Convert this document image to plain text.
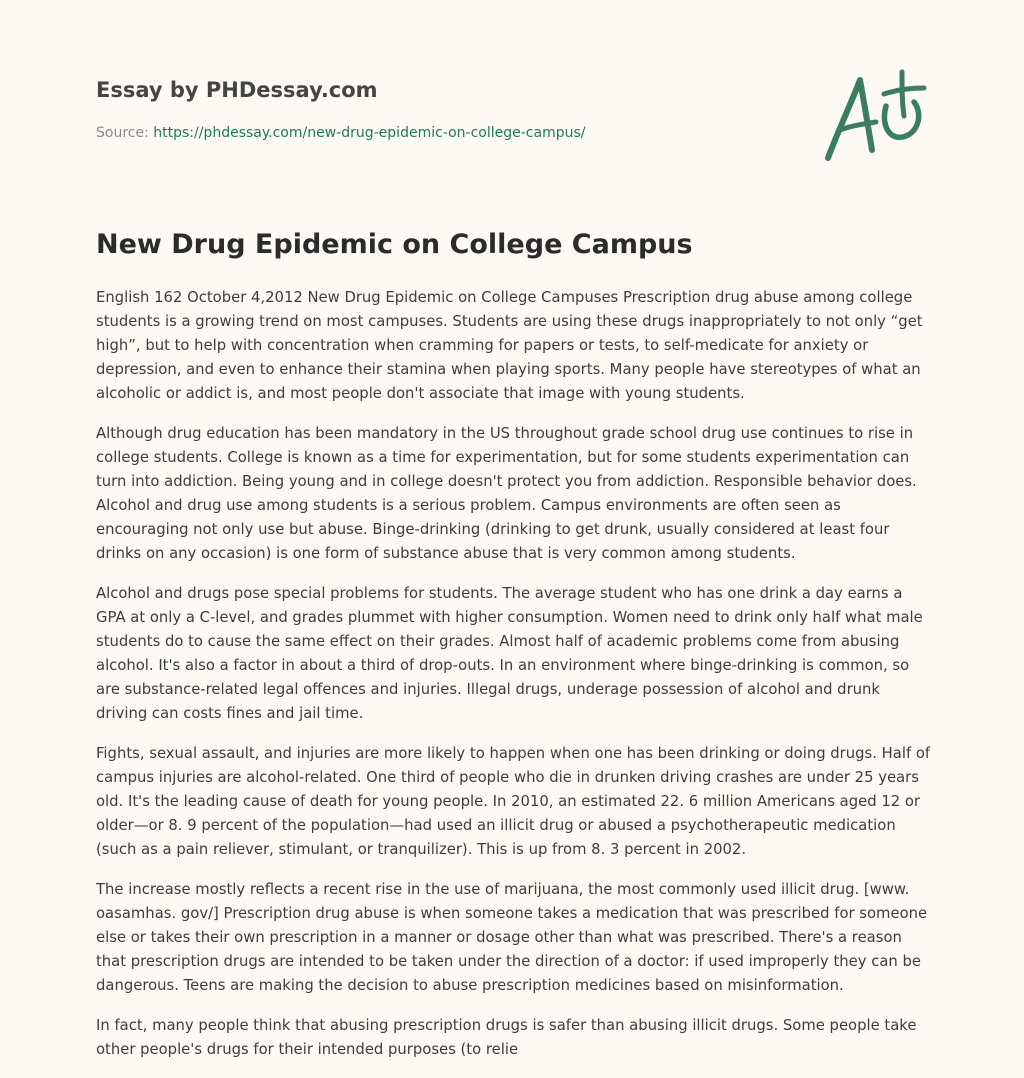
Essay by PHDessay.com
Source: https://phdessay.com/new-drug-epidemic-on-college-campus/
New Drug Epidemic on College Campus

English 162 October 4,2012 New Drug Epidemic on College Campuses Prescription drug abuse among college students is a growing trend on most campuses. Students are using these drugs inappropriately to not only “get high”, but to help with concentration when cramming for papers or tests, to self-medicate for anxiety or depression, and even to enhance their stamina when playing sports. Many people have stereotypes of what an alcoholic or addict is, and most people don't associate that image with young students.

Although drug education has been mandatory in the US throughout grade school drug use continues to rise in college students. College is known as a time for experimentation, but for some students experimentation can turn into addiction. Being young and in college doesn't protect you from addiction. Responsible behavior does. Alcohol and drug use among students is a serious problem. Campus environments are often seen as encouraging not only use but abuse. Binge-drinking (drinking to get drunk, usually considered at least four drinks on any occasion) is one form of substance abuse that is very common among students.

Alcohol and drugs pose special problems for students. The average student who has one drink a day earns a GPA at only a C-level, and grades plummet with higher consumption. Women need to drink only half what male students do to cause the same effect on their grades. Almost half of academic problems come from abusing alcohol. It's also a factor in about a third of drop-outs. In an environment where binge-drinking is common, so are substance-related legal offences and injuries. Illegal drugs, underage possession of alcohol and drunk driving can costs fines and jail time.

Fights, sexual assault, and injuries are more likely to happen when one has been drinking or doing drugs. Half of campus injuries are alcohol-related. One third of people who die in drunken driving crashes are under 25 years old. It's the leading cause of death for young people. In 2010, an estimated 22. 6 million Americans aged 12 or older—or 8. 9 percent of the population—had used an illicit drug or abused a psychotherapeutic medication (such as a pain reliever, stimulant, or tranquilizer). This is up from 8. 3 percent in 2002.

The increase mostly reflects a recent rise in the use of marijuana, the most commonly used illicit drug. [www. oasamhas. gov/] Prescription drug abuse is when someone takes a medication that was prescribed for someone else or takes their own prescription in a manner or dosage other than what was prescribed. There's a reason that prescription drugs are intended to be taken under the direction of a doctor: if used improperly they can be dangerous. Teens are making the decision to abuse prescription medicines based on misinformation.

In fact, many people think that abusing prescription drugs is safer than abusing illicit drugs. Some people take other people's drugs for their intended purposes (to relie
